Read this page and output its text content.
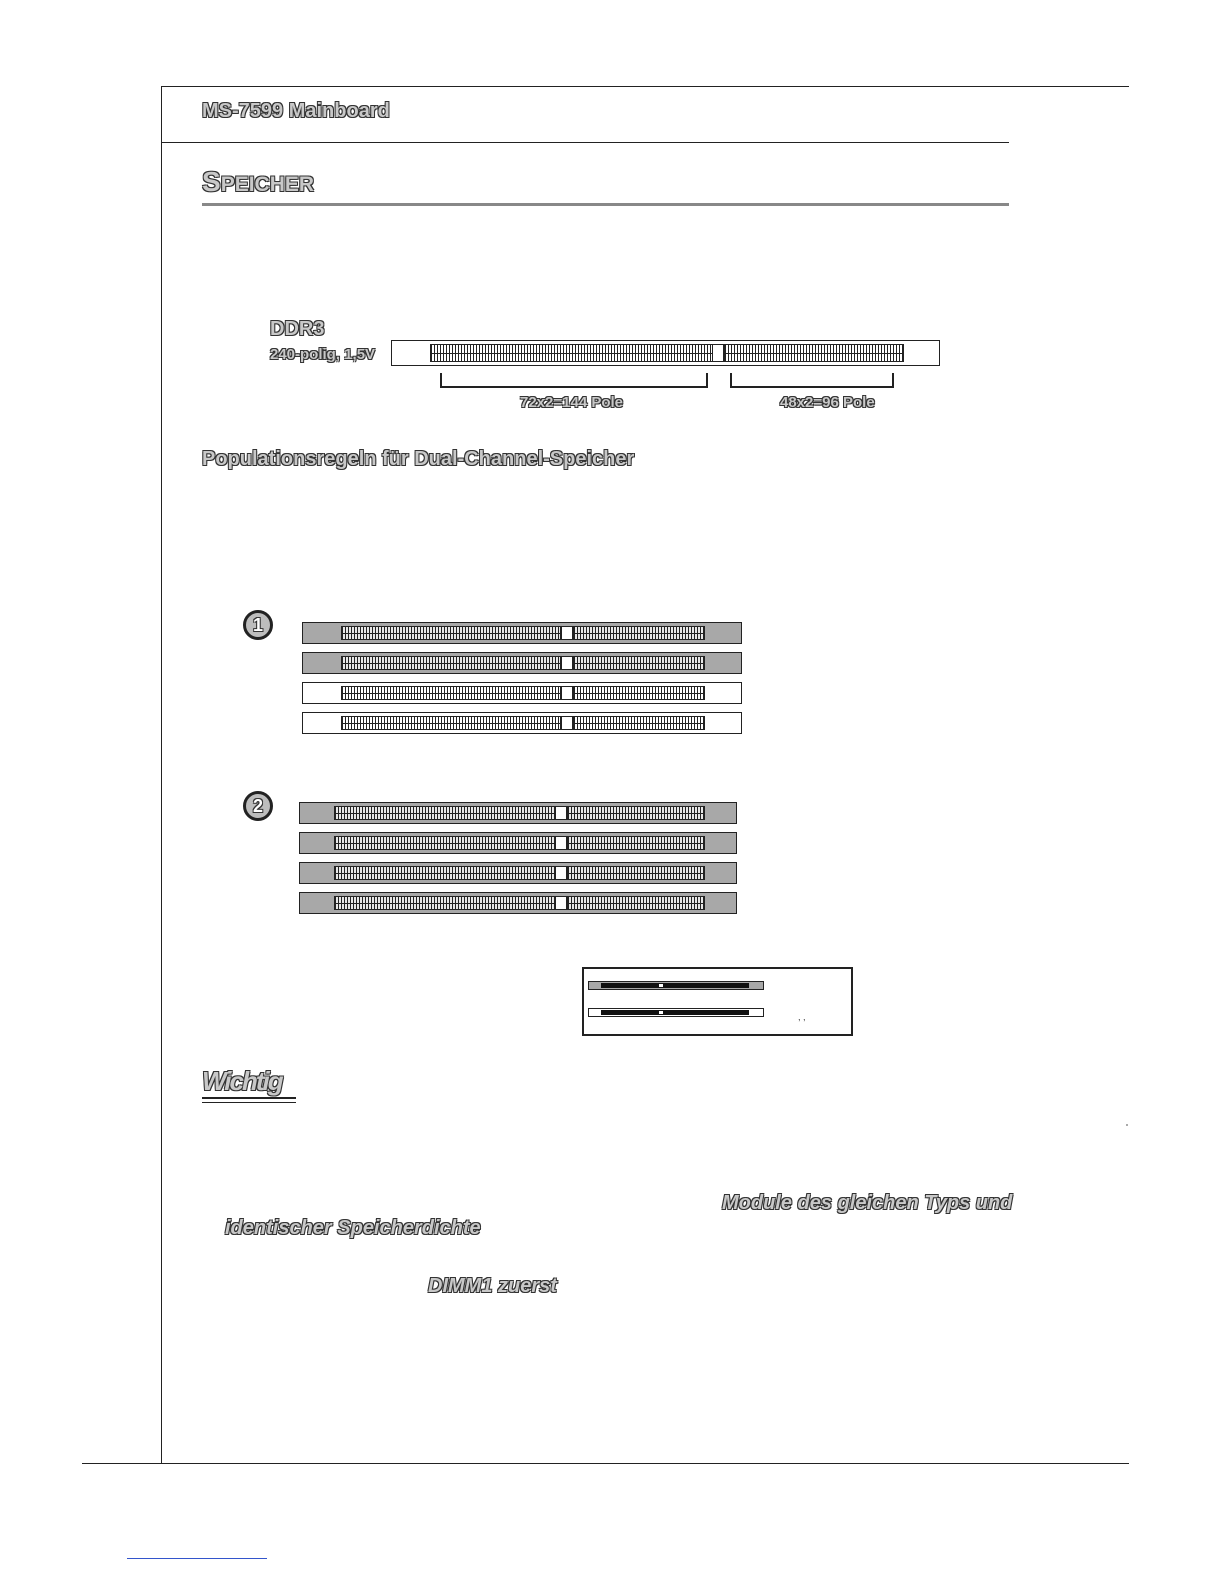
MS-7599 Mainboard
SPEICHER
DDR3
240-polig, 1,5V
72x2=144 Pole	48x2=96 Pole
Populationsregeln für Dual-Channel-Speicher
1
2
, ,
Wichtig
Module des gleichen Typs und
identischer Speicherdichte
DIMM1 zuerst
